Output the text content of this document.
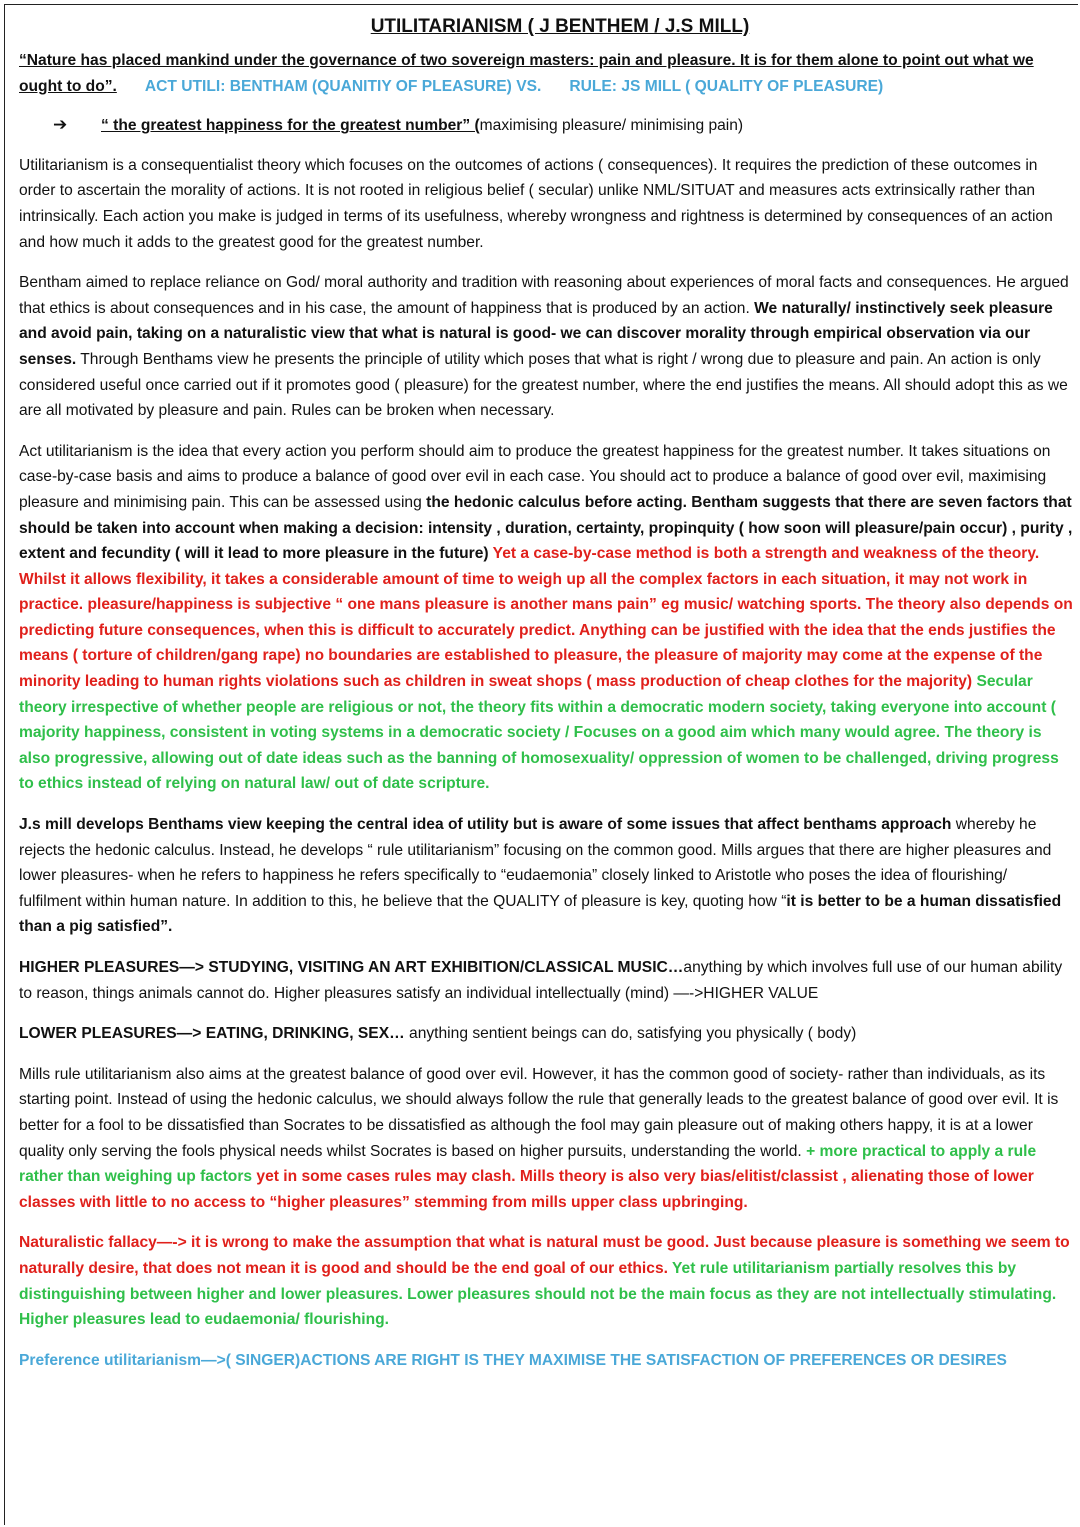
UTILITARIANISM ( J BENTHEM / J.S MILL)

“Nature has placed mankind under the governance of two sovereign masters: pain and pleasure. It is for them alone to point out what we ought to do”. ACT UTILI: BENTHAM (QUANITIY OF PLEASURE) VS. RULE: JS MILL ( QUALITY OF PLEASURE)

➔	“ the greatest happiness for the greatest number” (maximising pleasure/ minimising pain)

Utilitarianism is a consequentialist theory which focuses on the outcomes of actions ( consequences). It requires the prediction of these outcomes in order to ascertain the morality of actions. It is not rooted in religious belief ( secular) unlike NML/SITUAT and measures acts extrinsically rather than intrinsically. Each action you make is judged in terms of its usefulness, whereby wrongness and rightness is determined by consequences of an action and how much it adds to the greatest good for the greatest number.

Bentham aimed to replace reliance on God/ moral authority and tradition with reasoning about experiences of moral facts and consequences. He argued that ethics is about consequences and in his case, the amount of happiness that is produced by an action. We naturally/ instinctively seek pleasure and avoid pain, taking on a naturalistic view that what is natural is good- we can discover morality through empirical observation via our senses. Through Benthams view he presents the principle of utility which poses that what is right / wrong due to pleasure and pain. An action is only considered useful once carried out if it promotes good ( pleasure) for the greatest number, where the end justifies the means. All should adopt this as we are all motivated by pleasure and pain. Rules can be broken when necessary.

Act utilitarianism is the idea that every action you perform should aim to produce the greatest happiness for the greatest number. It takes situations on case-by-case basis and aims to produce a balance of good over evil in each case. You should act to produce a balance of good over evil, maximising pleasure and minimising pain. This can be assessed using the hedonic calculus before acting. Bentham suggests that there are seven factors that should be taken into account when making a decision: intensity , duration, certainty, propinquity ( how soon will pleasure/pain occur) , purity , extent and fecundity ( will it lead to more pleasure in the future) Yet a case-by-case method is both a strength and weakness of the theory. Whilst it allows flexibility, it takes a considerable amount of time to weigh up all the complex factors in each situation, it may not work in practice. pleasure/happiness is subjective “ one mans pleasure is another mans pain” eg music/ watching sports. The theory also depends on predicting future consequences, when this is difficult to accurately predict. Anything can be justified with the idea that the ends justifies the means ( torture of children/gang rape) no boundaries are established to pleasure, the pleasure of majority may come at the expense of the minority leading to human rights violations such as children in sweat shops ( mass production of cheap clothes for the majority) Secular theory irrespective of whether people are religious or not, the theory fits within a democratic modern society, taking everyone into account ( majority happiness, consistent in voting systems in a democratic society / Focuses on a good aim which many would agree. The theory is also progressive, allowing out of date ideas such as the banning of homosexuality/ oppression of women to be challenged, driving progress to ethics instead of relying on natural law/ out of date scripture.

J.s mill develops Benthams view keeping the central idea of utility but is aware of some issues that affect benthams approach whereby he rejects the hedonic calculus. Instead, he develops “ rule utilitarianism” focusing on the common good. Mills argues that there are higher pleasures and lower pleasures- when he refers to happiness he refers specifically to “eudaemonia” closely linked to Aristotle who poses the idea of flourishing/ fulfilment within human nature. In addition to this, he believe that the QUALITY of pleasure is key, quoting how “it is better to be a human dissatisfied than a pig satisfied”.

HIGHER PLEASURES—> STUDYING, VISITING AN ART EXHIBITION/CLASSICAL MUSIC…anything by which involves full use of our human ability to reason, things animals cannot do. Higher pleasures satisfy an individual intellectually (mind) —->HIGHER VALUE

LOWER PLEASURES—> EATING, DRINKING, SEX… anything sentient beings can do, satisfying you physically ( body)

Mills rule utilitarianism also aims at the greatest balance of good over evil. However, it has the common good of society- rather than individuals, as its starting point. Instead of using the hedonic calculus, we should always follow the rule that generally leads to the greatest balance of good over evil. It is better for a fool to be dissatisfied than Socrates to be dissatisfied as although the fool may gain pleasure out of making others happy, it is at a lower quality only serving the fools physical needs whilst Socrates is based on higher pursuits, understanding the world. + more practical to apply a rule rather than weighing up factors yet in some cases rules may clash. Mills theory is also very bias/elitist/classist , alienating those of lower classes with little to no access to “higher pleasures” stemming from mills upper class upbringing.

Naturalistic fallacy—-> it is wrong to make the assumption that what is natural must be good. Just because pleasure is something we seem to naturally desire, that does not mean it is good and should be the end goal of our ethics. Yet rule utilitarianism partially resolves this by distinguishing between higher and lower pleasures. Lower pleasures should not be the main focus as they are not intellectually stimulating. Higher pleasures lead to eudaemonia/ flourishing.

Preference utilitarianism—>( SINGER)ACTIONS ARE RIGHT IS THEY MAXIMISE THE SATISFACTION OF PREFERENCES OR DESIRES
